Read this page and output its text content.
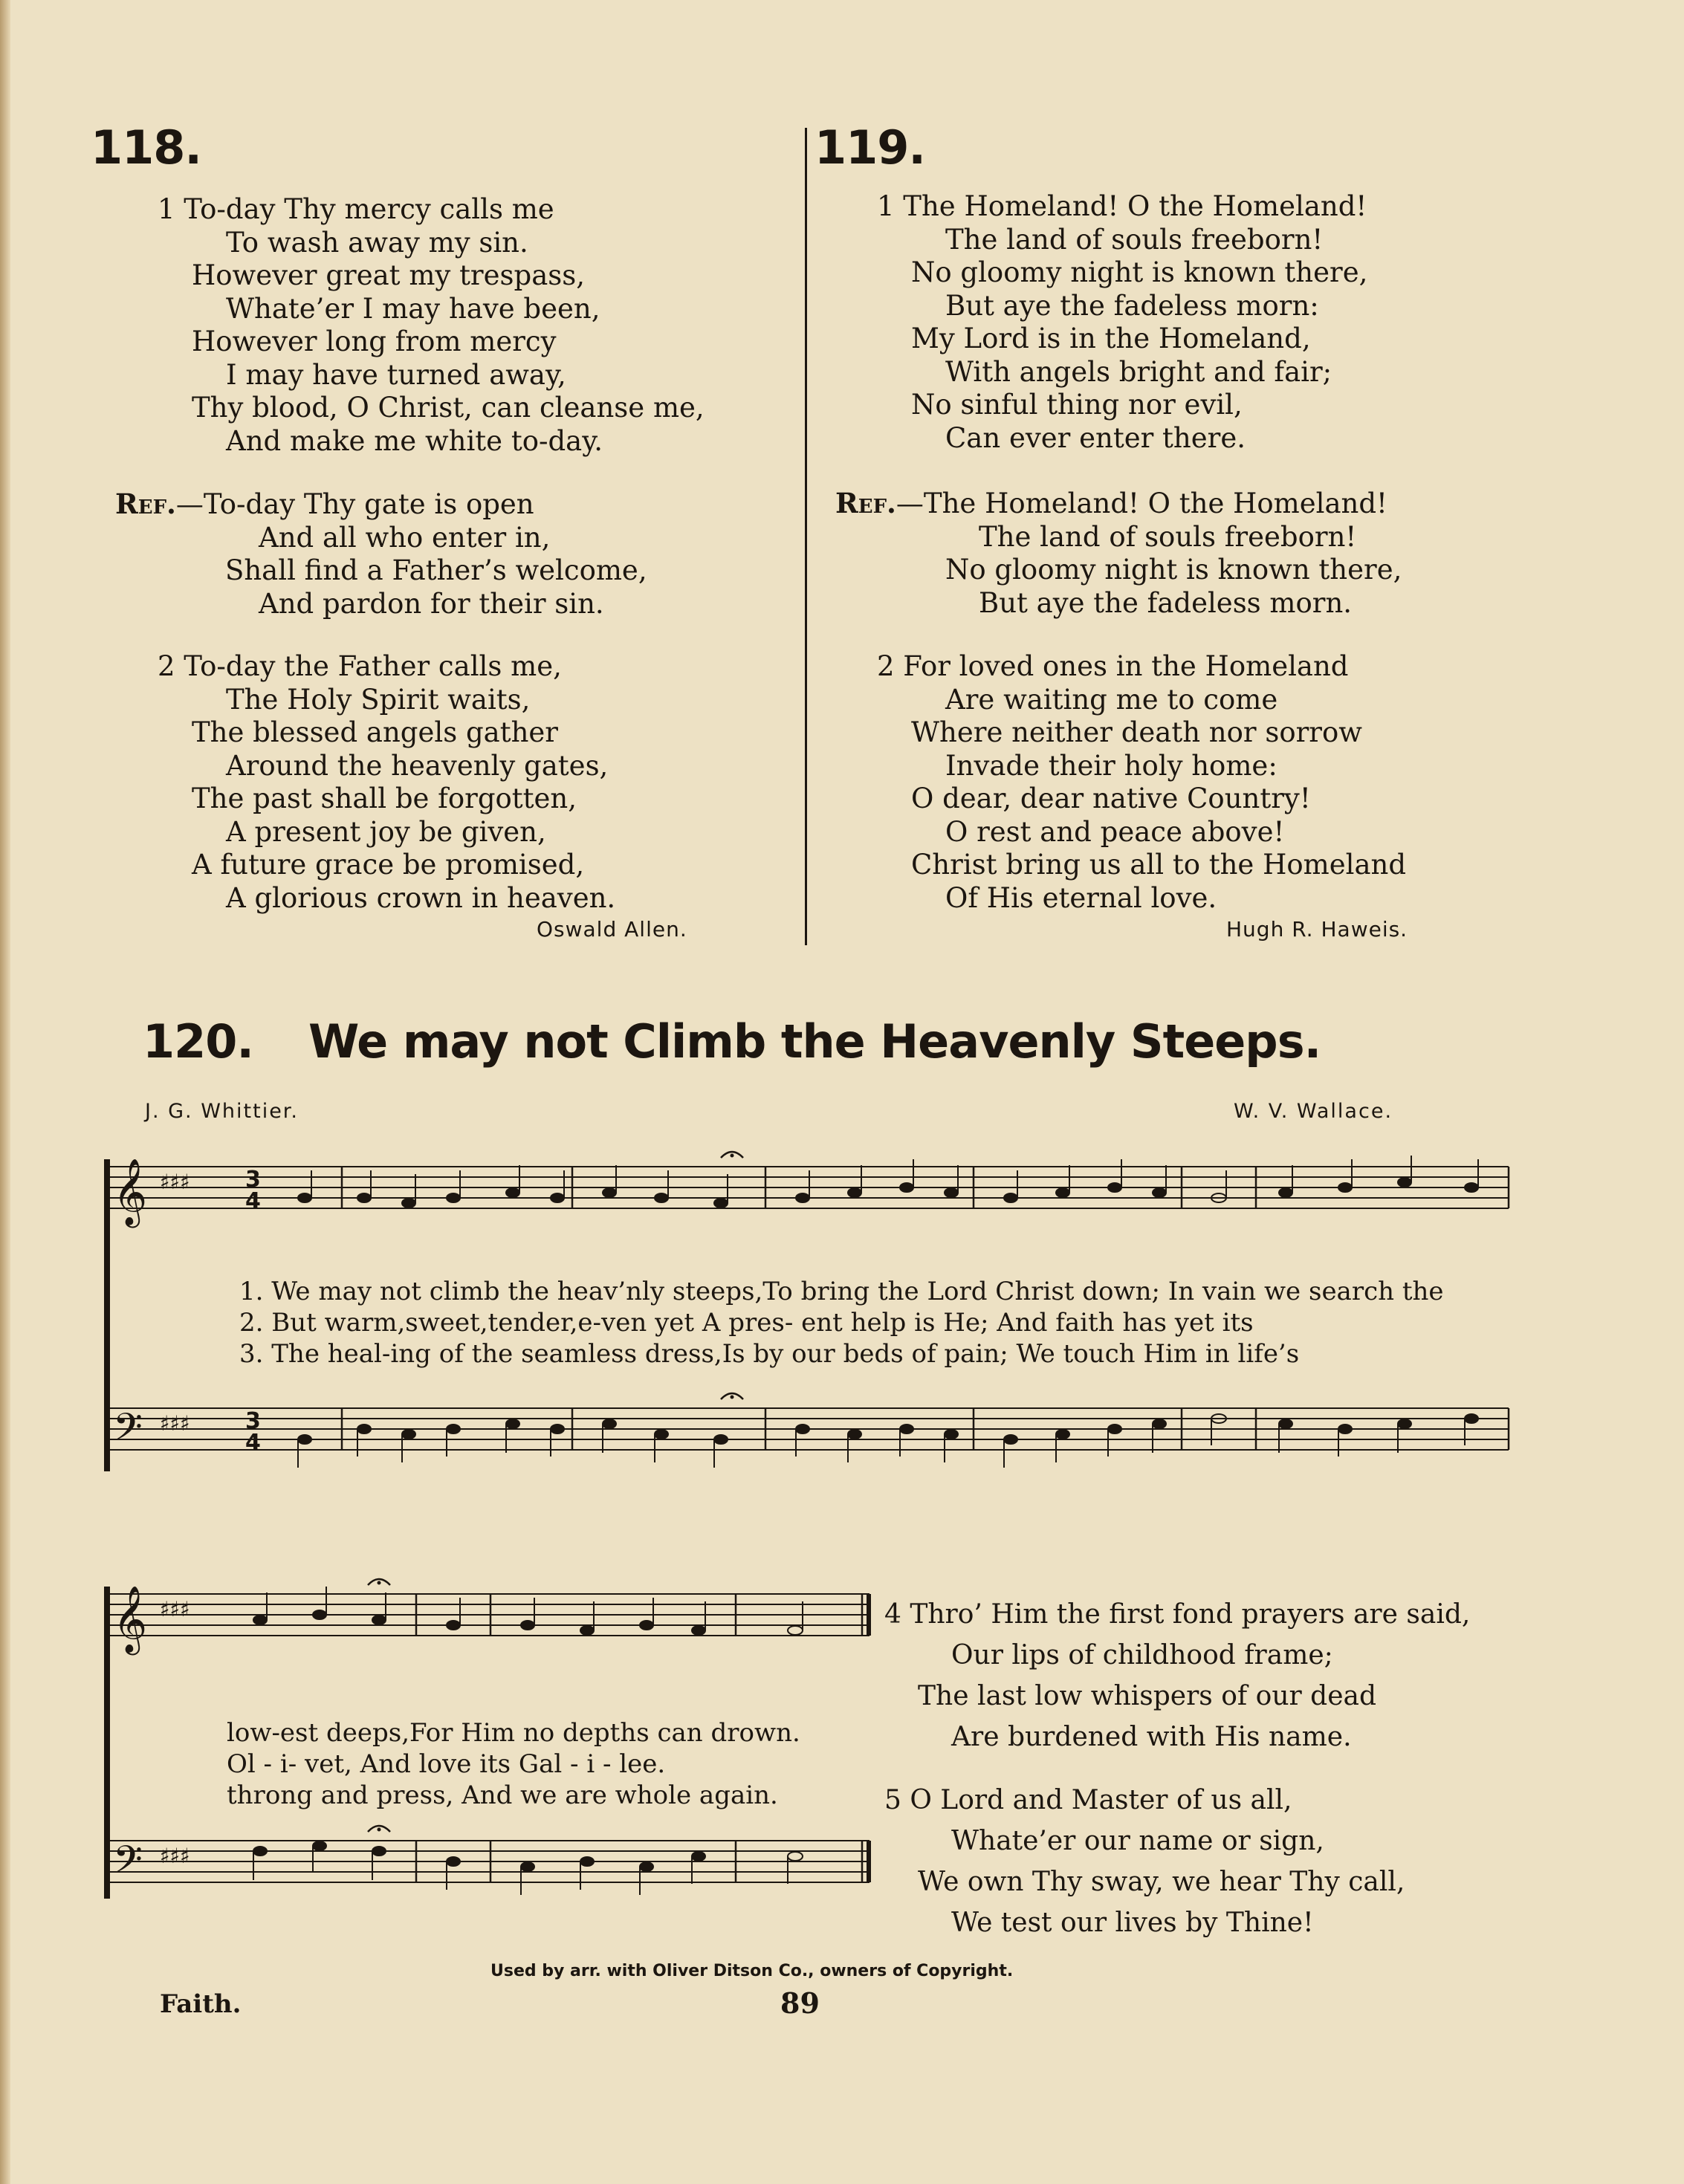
118.
1 To-day Thy mercy calls me
To wash away my sin.
However great my trespass,
Whate’er I may have been,
However long from mercy
I may have turned away,
Thy blood, O Christ, can cleanse me,
And make me white to-day.
Ref.—To-day Thy gate is open
And all who enter in,
Shall find a Father’s welcome,
And pardon for their sin.
2 To-day the Father calls me,
The Holy Spirit waits,
The blessed angels gather
Around the heavenly gates,
The past shall be forgotten,
A present joy be given,
A future grace be promised,
A glorious crown in heaven.
Oswald Allen.
119.
1 The Homeland! O the Homeland!
The land of souls freeborn!
No gloomy night is known there,
But aye the fadeless morn:
My Lord is in the Homeland,
With angels bright and fair;
No sinful thing nor evil,
Can ever enter there.
Ref.—The Homeland! O the Homeland!
The land of souls freeborn!
No gloomy night is known there,
But aye the fadeless morn.
2 For loved ones in the Homeland
Are waiting me to come
Where neither death nor sorrow
Invade their holy home:
O dear, dear native Country!
O rest and peace above!
Christ bring us all to the Homeland
Of His eternal love.
Hugh R. Haweis.
120. We may not Climb the Heavenly Steeps.
J. G. Whittier.	W. V. Wallace.
𝄞
𝄢
♯♯♯
♯♯♯
3
4
3
4
1. We may not climb the heav’nly steeps,To bring the Lord Christ down; In vain we search the
2. But warm,sweet,tender,e-ven yet A pres- ent help is He; And faith has yet its
3. The heal-ing of the seamless dress,Is by our beds of pain; We touch Him in life’s
𝄞
𝄢
♯♯♯
♯♯♯
low-est deeps,For Him no depths can drown.
Ol - i- vet, And love its Gal - i - lee.
throng and press, And we are whole again.
4 Thro’ Him the first fond prayers are said,
Our lips of childhood frame;
The last low whispers of our dead
Are burdened with His name.
5 O Lord and Master of us all,
Whate’er our name or sign,
We own Thy sway, we hear Thy call,
We test our lives by Thine!
Used by arr. with Oliver Ditson Co., owners of Copyright.
Faith.	89
